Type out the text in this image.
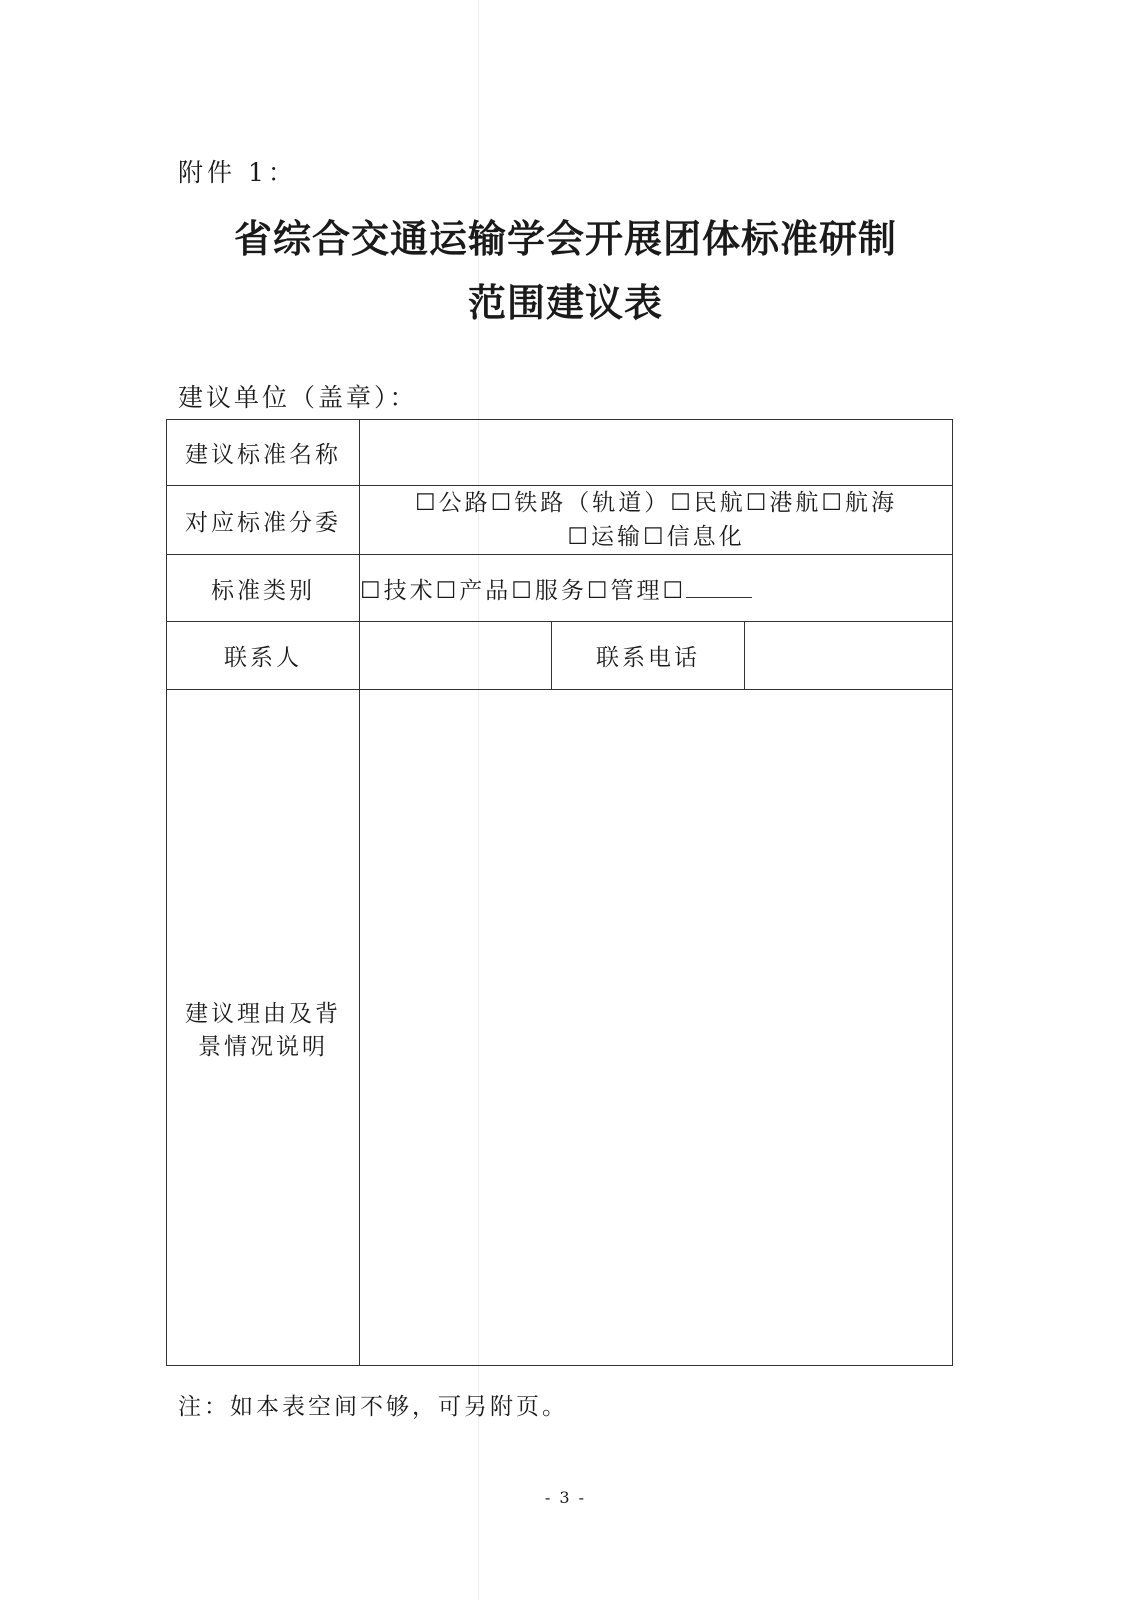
附件 1：
省综合交通运输学会开展团体标准研制
范围建议表
建议单位（盖章）：
建议标准名称			
对应标准分委	☐公路☐铁路（轨道）☐民航☐港航☐航海
☐运输☐信息化		

标准类别	☐技术☐产品☐服务☐管理☐		
联系人		联系电话	

建议理由及背
景情况说明			

注：如本表空间不够，可另附页。
- 3 -
